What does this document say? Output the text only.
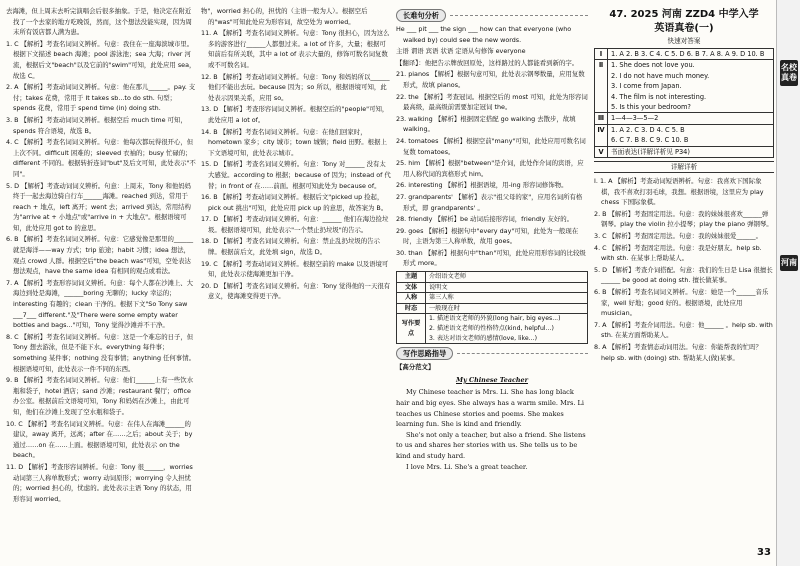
去海滩，但上周末去听完演唱会后很多抽象。于是，他决定在附近找了一个去家的地方吃晚饭，然而，这个想法没能实现，因为周末所有饭店都人满为患。

1. C 【解析】考查名词词义辨析。句意：我住在一座海滨城市里。根据下文描述 beach 海滩；pool 游泳池；sea 大海；river 河流，根据后文"beach"以及它前的"swim"可知，此处应用 sea，故选 C。

2. A 【解析】考查动词词义辨析。句意：他在那儿______。pay. 支付；takes 花费，常用于 It takes sb...to do sth. 句型；spends 花费，常用于 spend time (in) doing sth.

3. B 【解析】考查动词词义辨析。根据空后 much time 可知，spends 符合语境，故选 B。

4. C 【解析】考查名词词义辨析。句意：他每次都玩得很开心，但上次不同。difficult 困难的；sleeved 衣袖的；busy 忙碌的；different 不同的。根据转折连词"but"及后文可知，此处表示"不同"。

5. D 【解析】考查动词词义辨析。句意：上周末，Tony 和他妈妈终于一起去海边骑自行车______海滩。reached 到达，常用于 reach + 地点，left 离开；went 去；arrived 到达，常用结构为"arrive at + 小地点"或"arrive in + 大地点"。根据语境可知，此处应用 got to 的意思。

6. B 【解析】考查名词词义辨析。句意：它感觉像是那里的______就是海洋——way 方式；trip 旅途；habit 习惯；idea 想法，观点 crowd 人群。根据空后"the beach was"可知，空处表达想法观点，have the same idea 有相同的观点或看法。

7. A 【解析】考查形容词词义辨析。句意：每个人都在沙滩上、大海边到处是海滩，______boring 无聊的；lucky 幸运的；interesting 有趣的；clean 干净的。根据下文"So Tony saw ___7___ different."及"There were some empty water bottles and bags..."可知，Tony 觉得沙滩并不干净。

8. C 【解析】考查名词词义辨析。句意：这是一个难忘的日子，但 Tony 想去游泳，但是不能下水。everything 每件事；something 某件事；nothing 没有事情；anything 任何事情。根据语境可知，此处表示一件不同的东西。

9. B 【解析】考查名词词义辨析。句意：他们______上有一些饮水瓶和袋子，hotel 酒店；sand 沙滩；restaurant 餐厅；office 办公室。根据前后文语境可知，Tony 和妈妈在沙滩上，由此可知，他们在沙滩上发现了空水瓶和袋子。

10. C 【解析】考查名词词义辨析。句意：在伟人在海滩______的建议，away 离开，远离；after 在……之后；about 关于；by 通过……on 在……上面。根据语境可知，此处表示 on the beach。

11. D 【解析】考查形容词辨析。句意：Tony 很______，worries 动词第三人称单数形式；worry 动词原形；worrying 令人担忧的；worried 担心的，忧虑的。此处表示主语 Tony 的状态，用形容词 worried。

物"，worried 担心的，担忧的（主语一般为人）。根据空后的"was"可知此处应为形容词，故空处为 worried。

11. A 【解析】考查名词词义辨析。句意：Tony 很担心，因为这么多的游客进行______人都想过来。a lot of 许多，大量；根据可知前后有所关联，其中 a lot of 表示大量的，修饰可数名词复数或不可数名词。

12. B 【解析】考查动词词义辨析。句意：Tony 和妈妈所以______ 他们不能出去玩。because 因为；so 所以，根据语境可知，此处表示因果关系，应用 so。

13. D 【解析】考查形容词词义辨析。根据空后的"people"可知，此处应用 a lot of。

14. B 【解析】考查名词词义辨析。句意：在他们回家时，hometown 家乡；city 城市；town 城镇；field 田野。根据上下文语境可知，此处表示城市。

15. D 【解析】考查名词词义辨析。句意：Tony 对______ 没有太大感觉。according to 根据；because of 因为；instead of 代替；in front of 在……前面。根据可知此处为 because of。

16. B 【解析】考查动词词义辨析。根据后文"picked up 捡起，pick out 挑出"可知，此处应用 pick up 的意思，故答案为 B。

17. D 【解析】考查动词词义辨析。句意：______ 他们在海边捡垃圾。根据语境可知，此处表示"一个禁止扔垃圾"的告示。

18. D 【解析】考查名词词义辨析。句意：禁止乱扔垃圾的告示牌。根据前后文，此处填 sign，故选 D。

19. C 【解析】考查动词词义辨析。根据空前的 make 以及语境可知，此处表示使海滩更加干净。

20. D 【解析】考查名词词义辨析。句意：Tony 觉得他的一天很有意义，使海滩变得更干净。

长难句分析

He ___ pit ___ the sign ___ how can that everyone (who walked by) could see the new words.

主语 谓语 宾语 状语 定语从句修饰 everyone

【翻译】：他把告示牌放回原处，这样路过的人都能看到新的字。

21. pianos 【解析】根据句意可知，此处表示钢琴数量，应用复数形式，故填 pianos。

22. the 【解析】考查冠词。根据空后的 most 可知，此处为形容词最高级，最高级前需要加定冠词 the。

23. walking 【解析】根据固定搭配 go walking 去散步，故填 walking。

24. tomatoes 【解析】根据空前"many"可知，此处应用可数名词复数 tomatoes。

25. him 【解析】根据"between"是介词，此处作介词的宾语，应用人称代词的宾格形式 him。

26. interesting 【解析】根据语境，用-ing 形容词修饰物。

27. grandparents' 【解析】表示"祖父母的家"，应用名词所有格形式，即 grandparents' 。

28. friendly 【解析】be 动词后接形容词，friendly 友好的。

29. goes 【解析】根据句中"every day"可知，此处为一般现在时，主语为第三人称单数，故用 goes。

30. than 【解析】根据句中"than"可知，此处应用形容词的比较级形式 more。

主题	介绍语文老师
文体	说明文
人称	第三人称
时态	一般现在时
写作要点	1. 描述语文老师的外貌(long hair, big eyes...)
2. 描述语文老师的性格特点(kind, helpful...)
3. 表达对语文老师的感情(love, like...)
写作思路指导

【高分范文】

My Chinese Teacher

My Chinese teacher is Mrs. Li. She has long black hair and big eyes. She always has a warm smile. Mrs. Li teaches us Chinese stories and poems. She makes learning fun. She is kind and friendly.

She's not only a teacher, but also a friend. She listens to us and shares her stories with us. She tells us to be kind and study hard.

I love Mrs. Li. She's a great teacher.

47. 2025 河南 ZZD4 中学入学
英语真卷(一)
快速对答案
Ⅰ	1. A 2. B 3. C 4. C 5. D 6. B 7. A 8. A 9. D 10. B
Ⅱ	1. She does not love you.
2. I do not have much money.
3. I come from Japan.
4. The film is not interesting.
5. Is this your bedroom?
Ⅲ	1—4—3—5—2
Ⅳ 1. A 2. C 3. D 4. C 5. B
6. C 7. B 8. C 9. C 10. B
Ⅴ	书面表达(详解详析见 P34)
详解详析

Ⅰ. 1. A 【解析】考查动词短语辨析。句意：我喜欢下国际象棋，我不喜欢打羽毛球，我想。根据语境，这里应为 play chess 下国际象棋。

2. B 【解析】考查固定用法。句意：我的妹妹很喜欢______弹钢琴。play the violin 拉小提琴；play the piano 弹钢琴。

3. C 【解析】考查固定用法。句意：我的妹妹很爱______。

4. C 【解析】考查固定用法。句意：我是好朋友。help sb. with sth. 在某事上帮助某人。

5. D 【解析】考查介词搭配。句意：我们的生日是 Lisa 很擅长______ be good at doing sth. 擅长做某事。

6. B 【解析】考查名词词义辨析。句意：她是一个______音乐家，well 好地；good 好的。根据语境，此处应用 musician。

7. A 【解析】考查介词用法。句意：他______ 。help sb. with sth. 在某方面帮助某人。

8. A 【解析】考查情态动词用法。句意：你能帮我的忙吗？help sb. with (doing) sth. 帮助某人(做)某事。

名校真卷
河南
33
